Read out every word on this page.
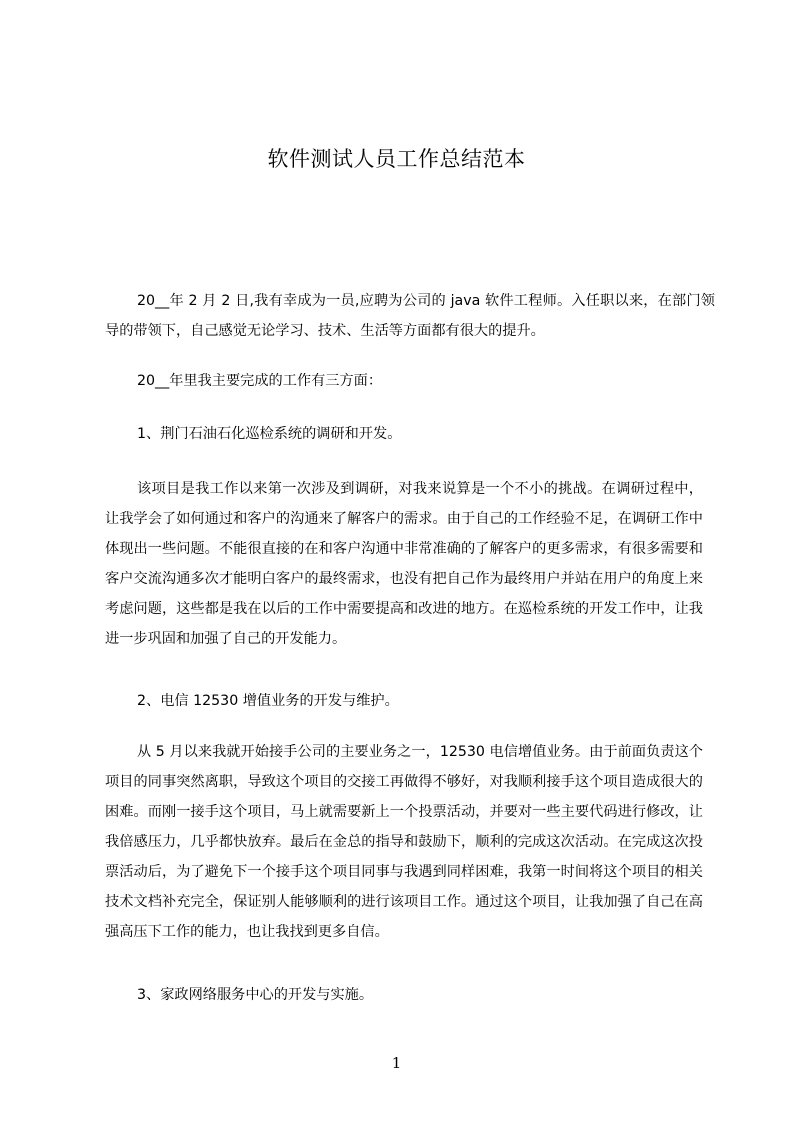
软件测试人员工作总结范本

20__年 2 月 2 日,我有幸成为一员,应聘为公司的 java 软件工程师。入任职以来，在部门领导的带领下，自己感觉无论学习、技术、生活等方面都有很大的提升。

20__年里我主要完成的工作有三方面：

1、荆门石油石化巡检系统的调研和开发。

该项目是我工作以来第一次涉及到调研，对我来说算是一个不小的挑战。在调研过程中，让我学会了如何通过和客户的沟通来了解客户的需求。由于自己的工作经验不足，在调研工作中体现出一些问题。不能很直接的在和客户沟通中非常准确的了解客户的更多需求，有很多需要和客户交流沟通多次才能明白客户的最终需求，也没有把自己作为最终用户并站在用户的角度上来考虑问题，这些都是我在以后的工作中需要提高和改进的地方。在巡检系统的开发工作中，让我进一步巩固和加强了自己的开发能力。

2、电信 12530 增值业务的开发与维护。

从 5 月以来我就开始接手公司的主要业务之一，12530 电信增值业务。由于前面负责这个项目的同事突然离职，导致这个项目的交接工再做得不够好，对我顺利接手这个项目造成很大的困难。而刚一接手这个项目，马上就需要新上一个投票活动，并要对一些主要代码进行修改，让我倍感压力，几乎都快放弃。最后在金总的指导和鼓励下，顺利的完成这次活动。在完成这次投票活动后，为了避免下一个接手这个项目同事与我遇到同样困难，我第一时间将这个项目的相关技术文档补充完全，保证别人能够顺利的进行该项目工作。通过这个项目，让我加强了自己在高强高压下工作的能力，也让我找到更多自信。

3、家政网络服务中心的开发与实施。

1
